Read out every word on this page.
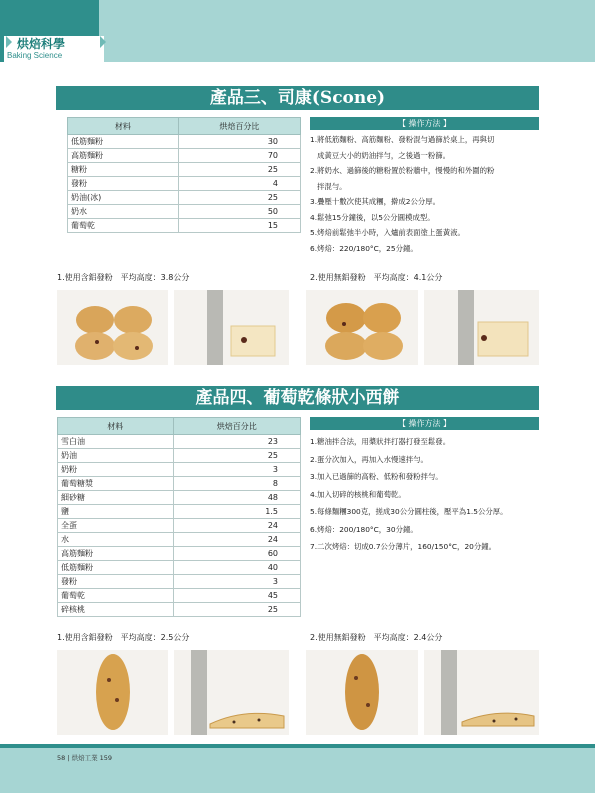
烘焙科學
Baking Science
產品三、司康(Scone)
材料	烘焙百分比
低筋麵粉	30
高筋麵粉	70
糖粉	25
發粉	4
奶油(冰)	25
奶水	50
葡萄乾	15
【 操作方法 】
1.將低筋麵粉、高筋麵粉、發粉混勻過篩於桌上，再與切
成黃豆大小的奶油拌勻，之後過一粉篩。
2.將奶水、過篩後的糖粉置於粉牆中，慢慢的和外圍的粉
拌混勻。
3.疊壓十數次使其成糰，擀成2公分厚。
4.鬆弛15分鐘後，以5公分圓模成型。
5.烤焙前鬆弛半小時，入爐前表面塗上蛋黃液。
6.烤焙：220/180°C，25分鐘。
1.使用含鋁發粉　平均高度：3.8公分	2.使用無鋁發粉　平均高度：4.1公分
產品四、葡萄乾條狀小西餅
材料	烘焙百分比
雪白油	23
奶油	25
奶粉	3
葡萄糖漿	8
細砂糖	48
鹽	1.5
全蛋	24
水	24
高筋麵粉	60
低筋麵粉	40
發粉	3
葡萄乾	45
碎核桃	25
【 操作方法 】
1.糖油拌合法，用槳狀拌打器打發至鬆發。
2.蛋分次加入，再加入水慢速拌勻。
3.加入已過篩的高粉、低粉和發粉拌勻。
4.加入切碎的核桃和葡萄乾。
5.每條麵糰300克，搓成30公分圓柱後，壓平為1.5公分厚。
6.烤焙：200/180°C，30分鐘。
7.二次烤焙：切成0.7公分薄片，160/150°C，20分鐘。
1.使用含鋁發粉　平均高度：2.5公分	2.使用無鋁發粉　平均高度：2.4公分
58 | 烘焙工業 159
